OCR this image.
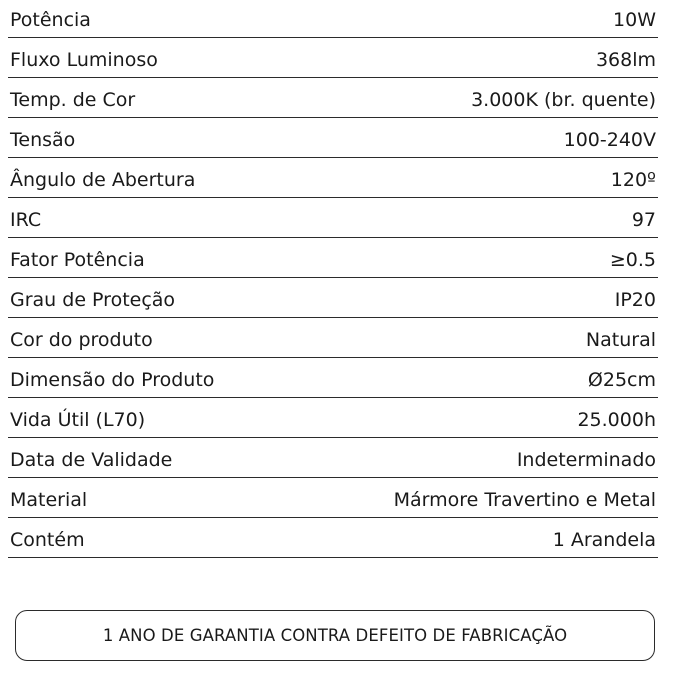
Potência	10W
Fluxo Luminoso	368lm
Temp. de Cor	3.000K (br. quente)
Tensão	100-240V
Ângulo de Abertura	120º
IRC	97
Fator Potência	≥0.5
Grau de Proteção	IP20
Cor do produto	Natural
Dimensão do Produto	Ø25cm
Vida Útil (L70)	25.000h
Data de Validade	Indeterminado
Material	Mármore Travertino e Metal
Contém	1 Arandela
1 ANO DE GARANTIA CONTRA DEFEITO DE FABRICAÇÃO
